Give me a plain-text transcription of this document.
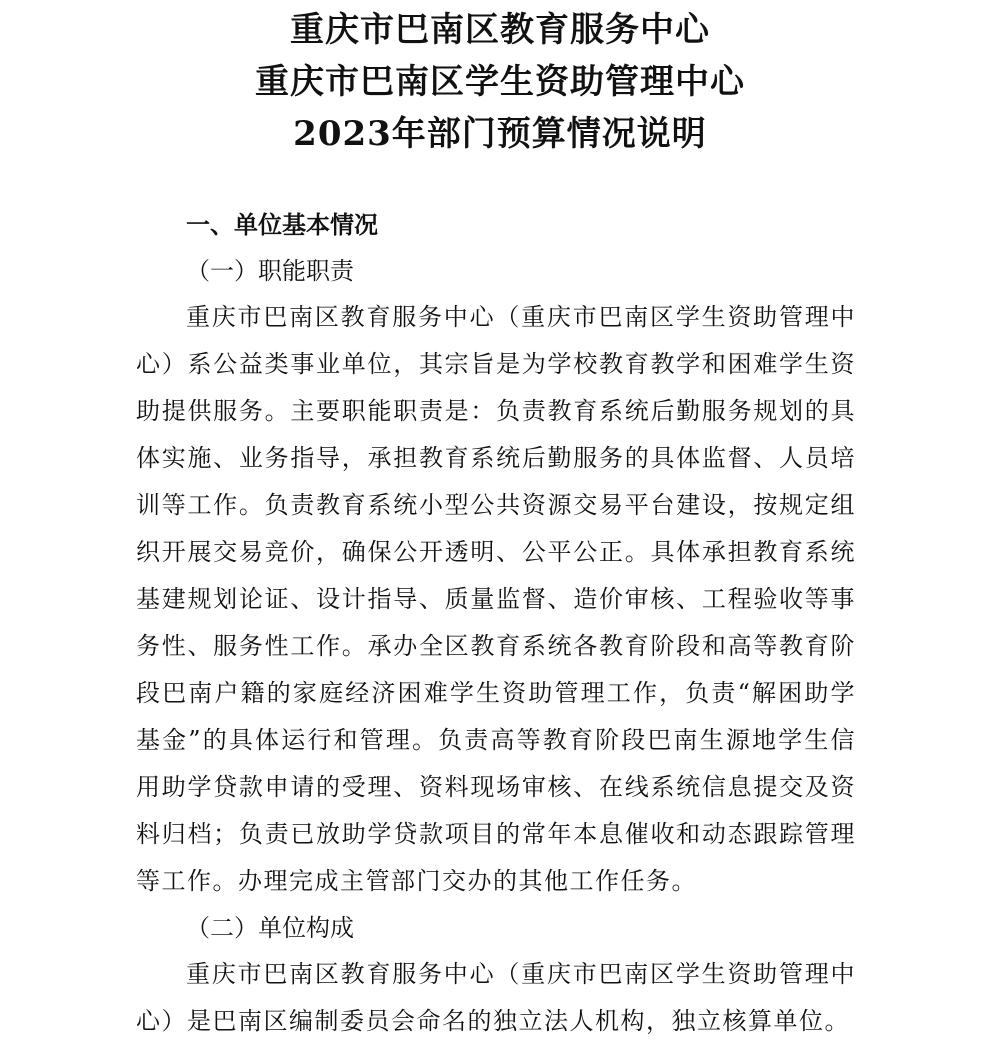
重庆市巴南区教育服务中心
重庆市巴南区学生资助管理中心
2023年部门预算情况说明
一、单位基本情况
（一）职能职责

重庆市巴南区教育服务中心（重庆市巴南区学生资助管理中心）系公益类事业单位，其宗旨是为学校教育教学和困难学生资助提供服务。主要职能职责是：负责教育系统后勤服务规划的具体实施、业务指导，承担教育系统后勤服务的具体监督、人员培训等工作。负责教育系统小型公共资源交易平台建设，按规定组织开展交易竞价，确保公开透明、公平公正。具体承担教育系统基建规划论证、设计指导、质量监督、造价审核、工程验收等事务性、服务性工作。承办全区教育系统各教育阶段和高等教育阶段巴南户籍的家庭经济困难学生资助管理工作，负责“解困助学基金”的具体运行和管理。负责高等教育阶段巴南生源地学生信用助学贷款申请的受理、资料现场审核、在线系统信息提交及资料归档；负责已放助学贷款项目的常年本息催收和动态跟踪管理等工作。办理完成主管部门交办的其他工作任务。

（二）单位构成

重庆市巴南区教育服务中心（重庆市巴南区学生资助管理中心）是巴南区编制委员会命名的独立法人机构，独立核算单位。
